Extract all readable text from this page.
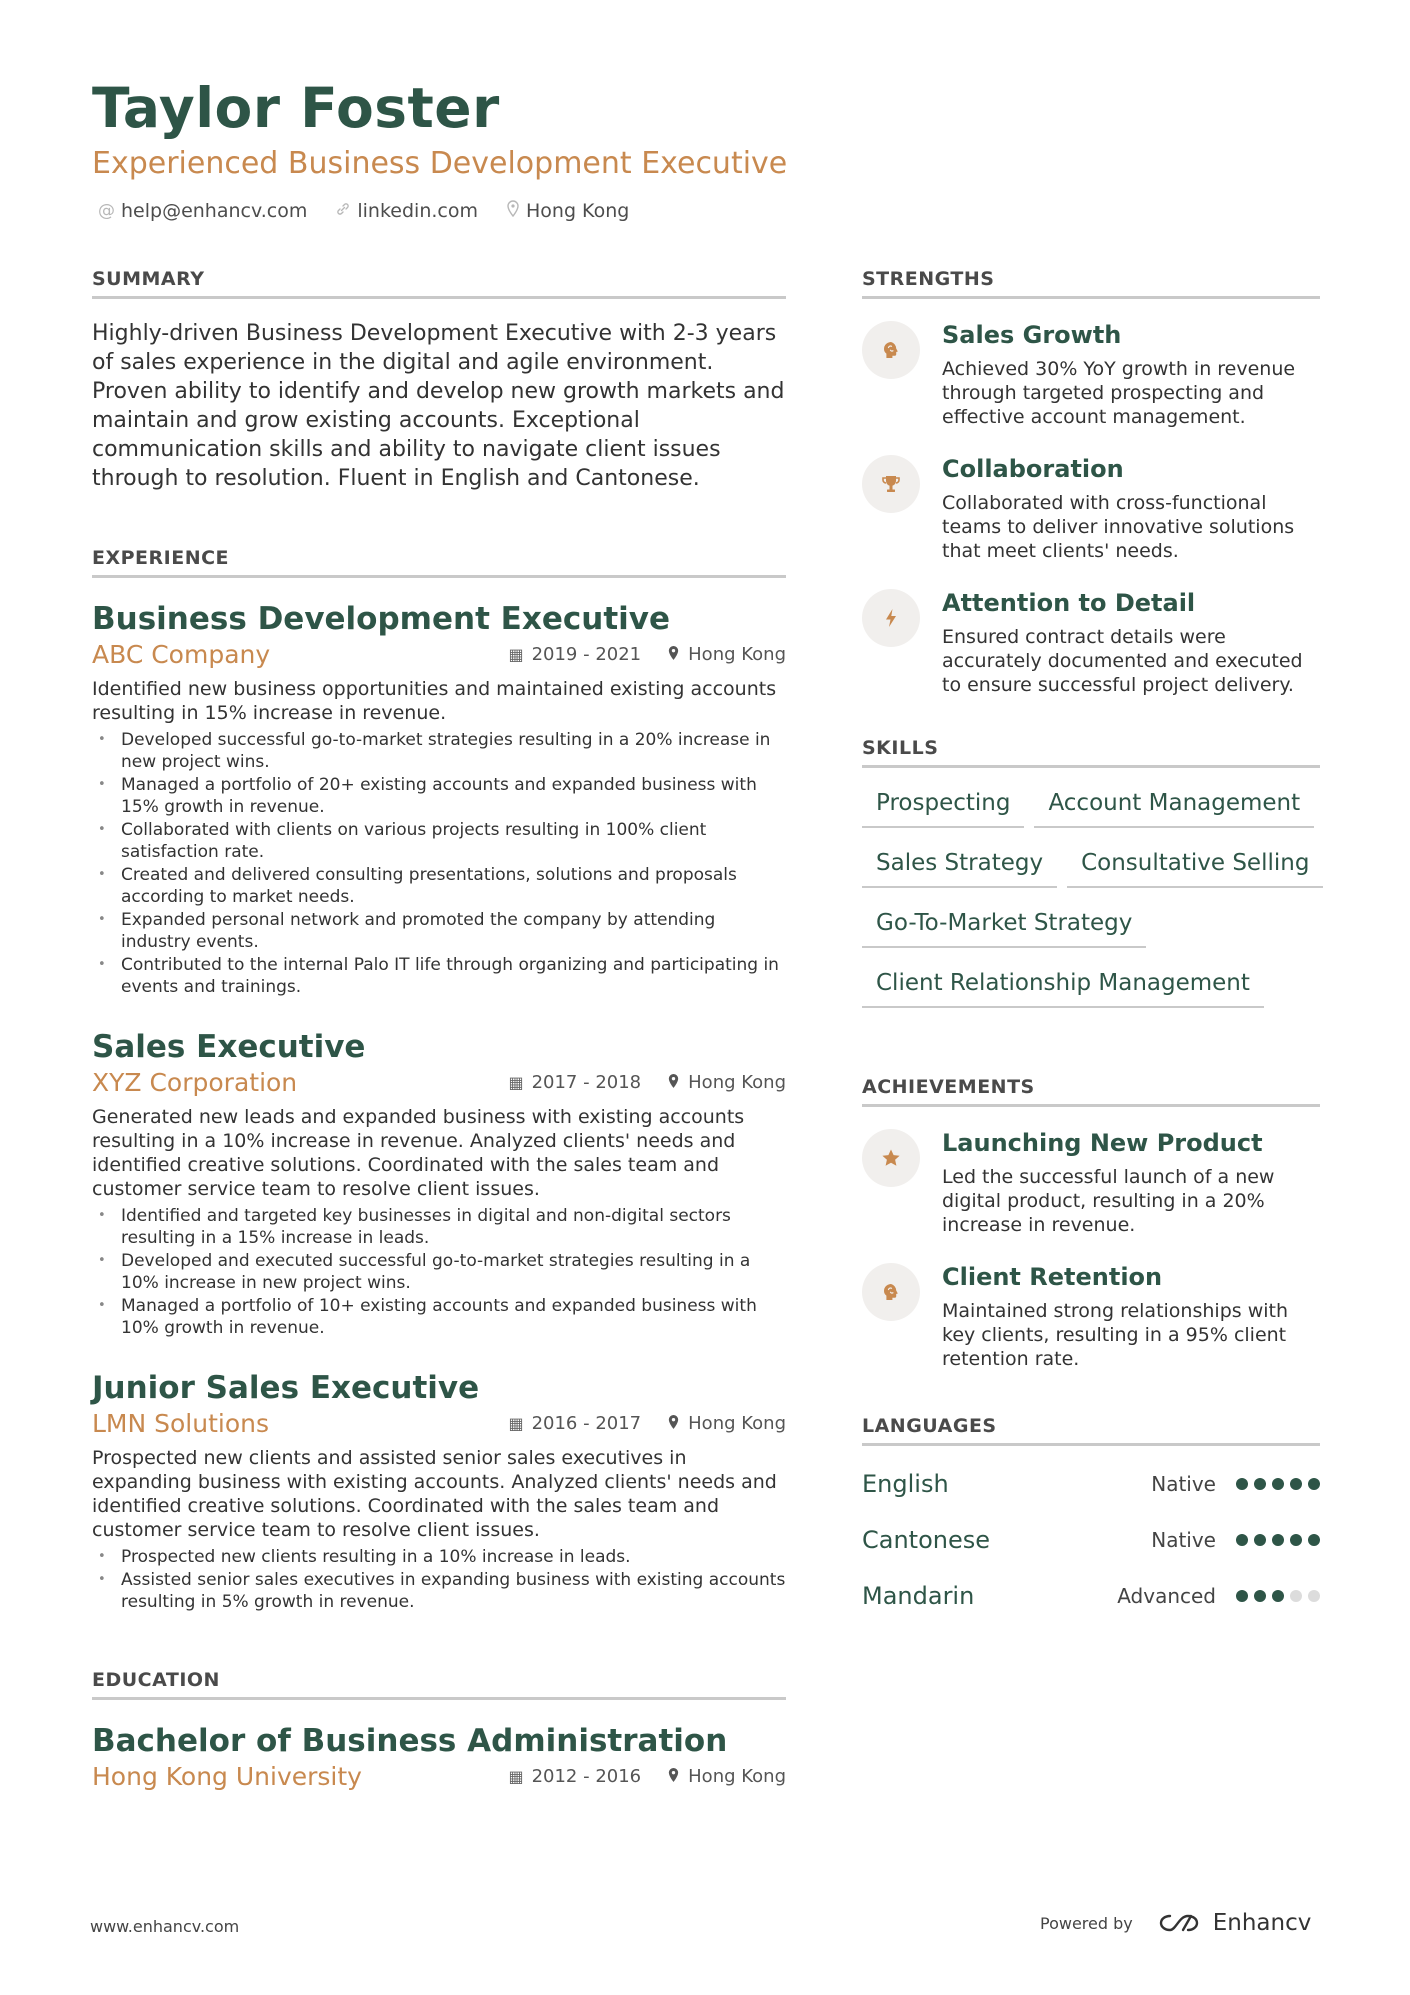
Taylor Foster
Experienced Business Development Executive
@ help@enhancv.com	linkedin.com	Hong Kong
SUMMARY

Highly-driven Business Development Executive with 2-3 years of sales experience in the digital and agile environment. Proven ability to identify and develop new growth markets and maintain and grow existing accounts. Exceptional communication skills and ability to navigate client issues through to resolution. Fluent in English and Cantonese.

EXPERIENCE
Business Development Executive
ABC Company	▦ 2019 - 2021	Hong Kong

Identified new business opportunities and maintained existing accounts resulting in 15% increase in revenue.

• Developed successful go-to-market strategies resulting in a 20% increase in new project wins.
• Managed a portfolio of 20+ existing accounts and expanded business with 15% growth in revenue.
• Collaborated with clients on various projects resulting in 100% client satisfaction rate.
• Created and delivered consulting presentations, solutions and proposals according to market needs.
• Expanded personal network and promoted the company by attending industry events.
• Contributed to the internal Palo IT life through organizing and participating in events and trainings.
Sales Executive
XYZ Corporation	▦ 2017 - 2018	Hong Kong

Generated new leads and expanded business with existing accounts resulting in a 10% increase in revenue. Analyzed clients' needs and identified creative solutions. Coordinated with the sales team and customer service team to resolve client issues.

• Identified and targeted key businesses in digital and non-digital sectors resulting in a 15% increase in leads.
• Developed and executed successful go-to-market strategies resulting in a 10% increase in new project wins.
• Managed a portfolio of 10+ existing accounts and expanded business with 10% growth in revenue.
Junior Sales Executive
LMN Solutions	▦ 2016 - 2017	Hong Kong

Prospected new clients and assisted senior sales executives in expanding business with existing accounts. Analyzed clients' needs and identified creative solutions. Coordinated with the sales team and customer service team to resolve client issues.

• Prospected new clients resulting in a 10% increase in leads.
• Assisted senior sales executives in expanding business with existing accounts resulting in 5% growth in revenue.
EDUCATION
Bachelor of Business Administration
Hong Kong University	▦ 2012 - 2016	Hong Kong
STRENGTHS
Sales Growth

Achieved 30% YoY growth in revenue through targeted prospecting and effective account management.

Collaboration

Collaborated with cross-functional teams to deliver innovative solutions that meet clients' needs.

Attention to Detail

Ensured contract details were accurately documented and executed to ensure successful project delivery.

SKILLS
Prospecting	Account Management
Sales Strategy	Consultative Selling
Go-To-Market Strategy
Client Relationship Management
ACHIEVEMENTS
Launching New Product

Led the successful launch of a new digital product, resulting in a 20% increase in revenue.

Client Retention

Maintained strong relationships with key clients, resulting in a 95% client retention rate.

LANGUAGES
English	Native
Cantonese	Native
Mandarin	Advanced
www.enhancv.com	Powered by	Enhancv
